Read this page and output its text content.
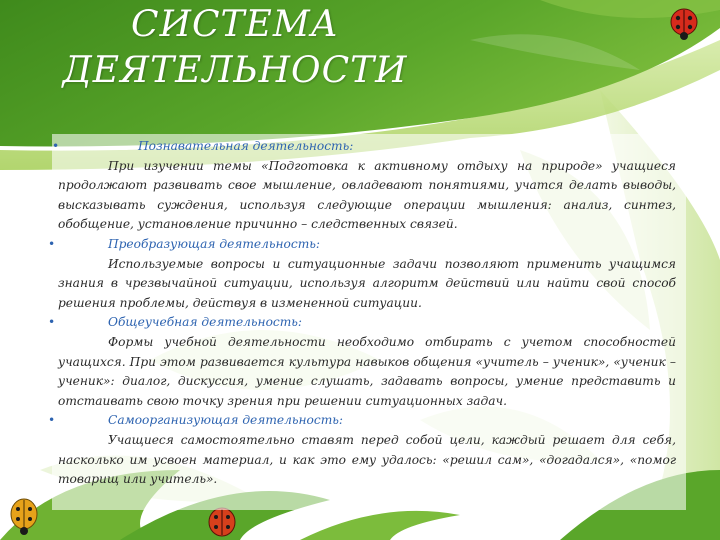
СИСТЕМА
ДЕЯТЕЛЬНОСТИ
•	Познавательная деятельность:

При изучении темы «Подготовка к активному отдыху на природе» учащиеся продолжают развивать свое мышление, овладевают понятиями, учатся делать выводы, высказывать суждения, используя следующие операции мышления: анализ, синтез, обобщение, установление причинно – следственных связей.

•	Преобразующая деятельность:

Используемые вопросы и ситуационные задачи позволяют применить учащимся знания в чрезвычайной ситуации, используя алгоритм действий или найти свой способ решения проблемы, действуя в измененной ситуации.

•	Общеучебная деятельность:

Формы учебной деятельности необходимо отбирать с учетом способностей учащихся. При этом развивается культура навыков общения «учитель – ученик», «ученик – ученик»: диалог, дискуссия, умение слушать, задавать вопросы, умение представить и отстаивать свою точку зрения при решении ситуационных задач.

•	Самоорганизующая деятельность:

Учащиеся самостоятельно ставят перед собой цели, каждый решает для себя, насколько им усвоен материал, и как это ему удалось: «решил сам», «догадался», «помог товарищ или учитель».
